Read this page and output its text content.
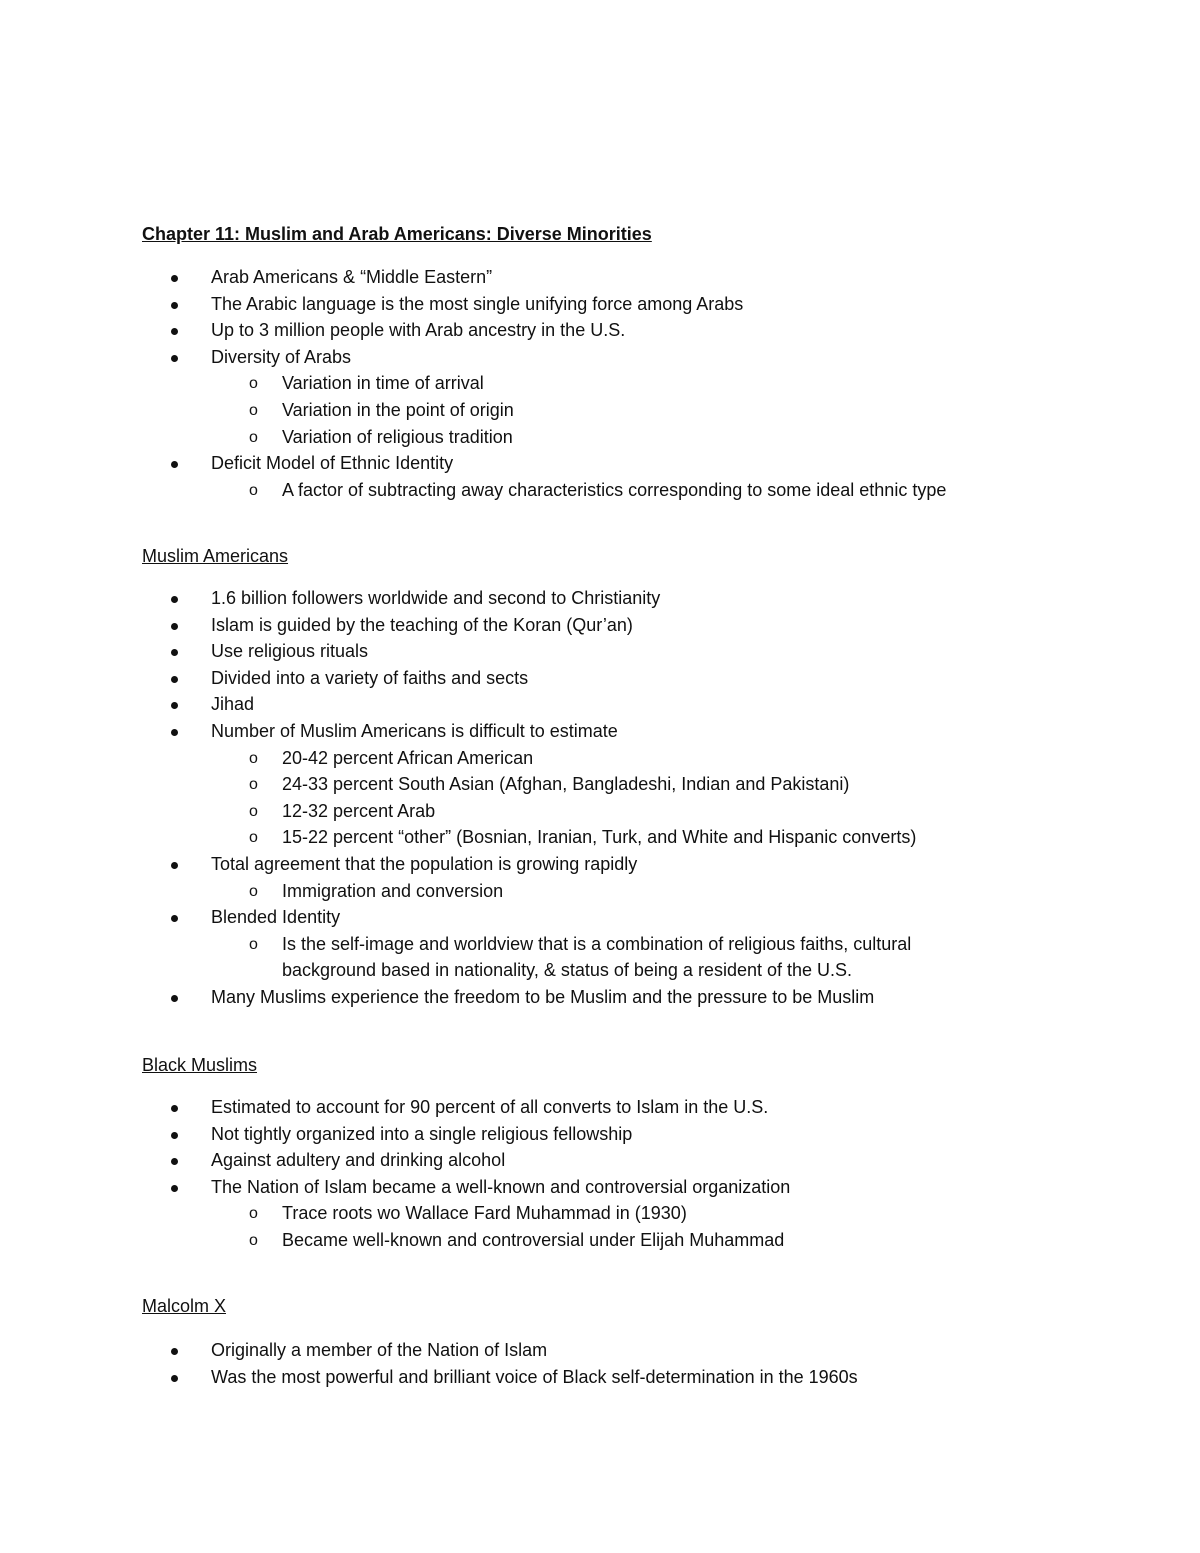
Chapter 11: Muslim and Arab Americans: Diverse Minorities
Arab Americans & “Middle Eastern”
The Arabic language is the most single unifying force among Arabs
Up to 3 million people with Arab ancestry in the U.S.
Diversity of Arabs
o Variation in time of arrival
o Variation in the point of origin
o Variation of religious tradition
Deficit Model of Ethnic Identity
o A factor of subtracting away characteristics corresponding to some ideal ethnic type
Muslim Americans
1.6 billion followers worldwide and second to Christianity
Islam is guided by the teaching of the Koran (Qur’an)
Use religious rituals
Divided into a variety of faiths and sects
Jihad
Number of Muslim Americans is difficult to estimate
o 20-42 percent African American
o 24-33 percent South Asian (Afghan, Bangladeshi, Indian and Pakistani)
o 12-32 percent Arab
o 15-22 percent “other” (Bosnian, Iranian, Turk, and White and Hispanic converts)
Total agreement that the population is growing rapidly
o Immigration and conversion
Blended Identity
o Is the self-image and worldview that is a combination of religious faiths, cultural
background based in nationality, & status of being a resident of the U.S.
Many Muslims experience the freedom to be Muslim and the pressure to be Muslim
Black Muslims
Estimated to account for 90 percent of all converts to Islam in the U.S.
Not tightly organized into a single religious fellowship
Against adultery and drinking alcohol
The Nation of Islam became a well-known and controversial organization
o Trace roots wo Wallace Fard Muhammad in (1930)
o Became well-known and controversial under Elijah Muhammad
Malcolm X
Originally a member of the Nation of Islam
Was the most powerful and brilliant voice of Black self-determination in the 1960s
